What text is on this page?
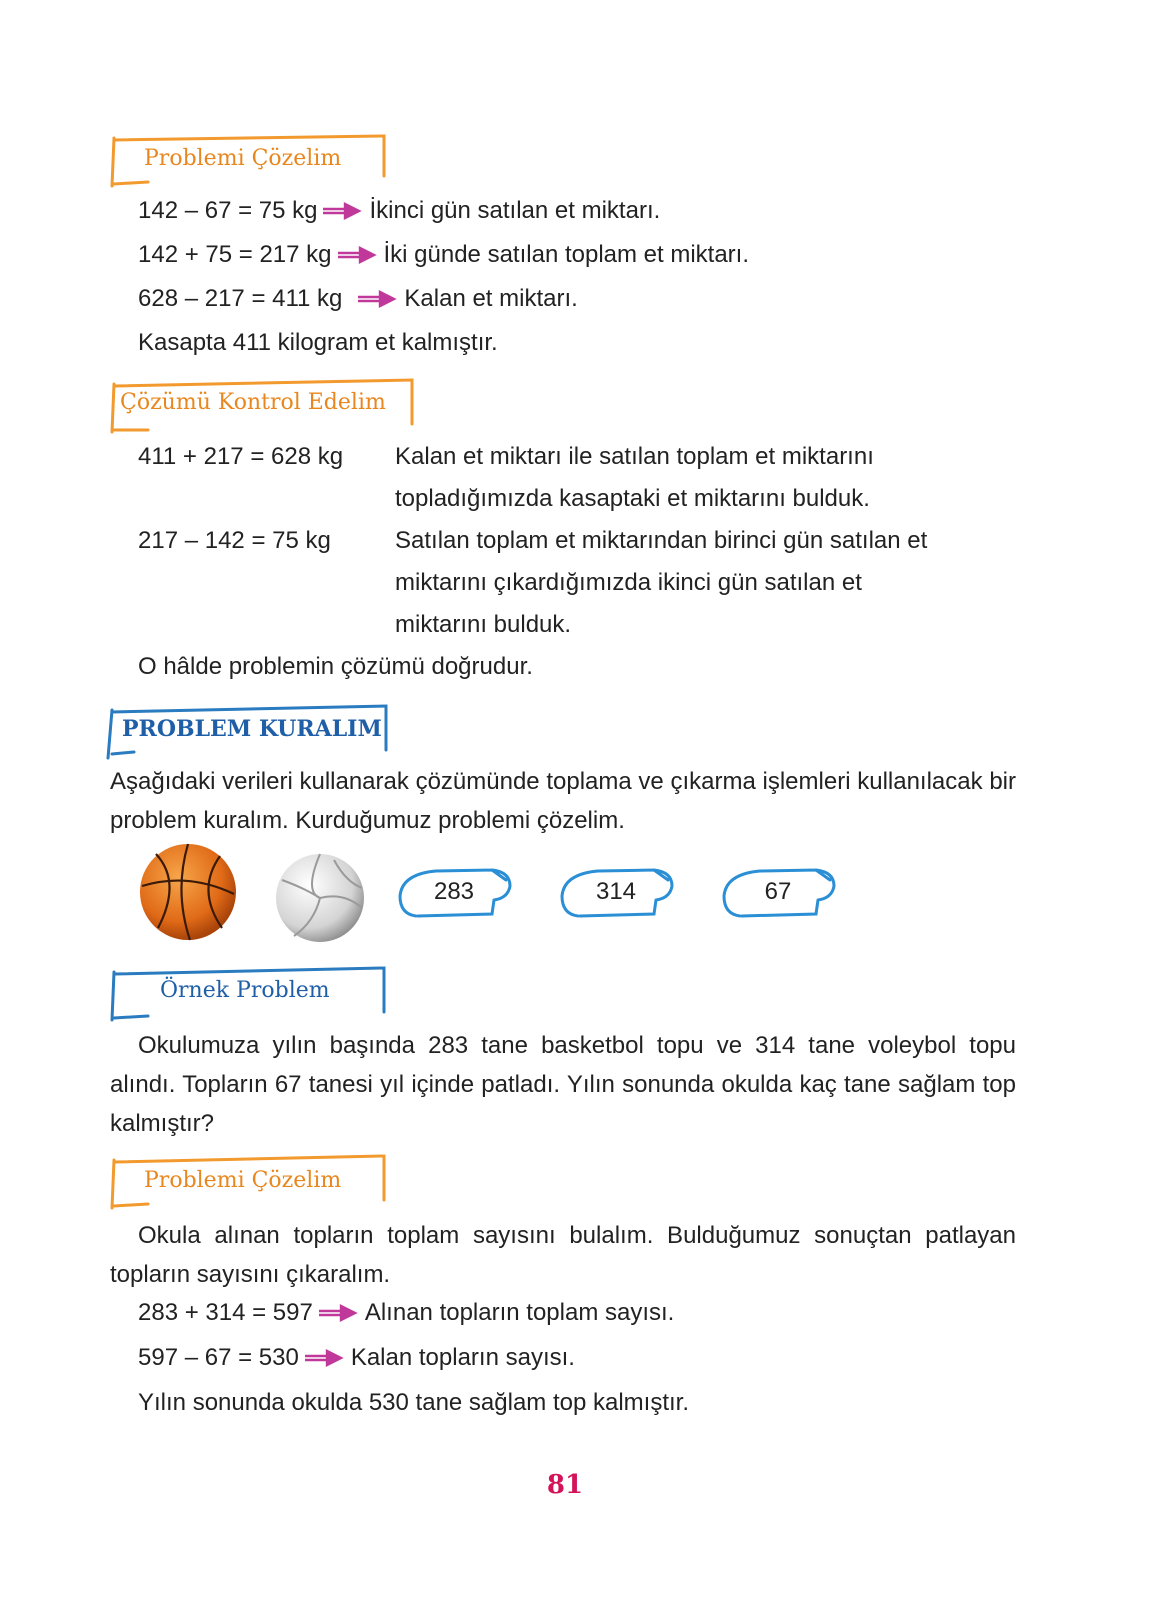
Problemi Çözelim
142 – 67 = 75 kg İkinci gün satılan et miktarı.
142 + 75 = 217 kg İki günde satılan toplam et miktarı.
628 – 217 = 411 kg	Kalan et miktarı.
Kasapta 411 kilogram et kalmıştır.
Çözümü Kontrol Edelim
411 + 217 = 628 kg Kalan et miktarı ile satılan toplam et miktarını
topladığımızda kasaptaki et miktarını bulduk.
217 – 142 = 75 kg	Satılan toplam et miktarından birinci gün satılan et
miktarını çıkardığımızda ikinci gün satılan et
miktarını bulduk.
O hâlde problemin çözümü doğrudur.
PROBLEM KURALIM
Aşağıdaki verileri kullanarak çözümünde toplama ve çıkarma işlemleri kullanılacak bir problem kuralım. Kurduğumuz problemi çözelim.
283	314	67
Örnek Problem
Okulumuza yılın başında 283 tane basketbol topu ve 314 tane voleybol topu alındı. Topların 67 tanesi yıl içinde patladı. Yılın sonunda okulda kaç tane sağlam top kalmıştır?
Problemi Çözelim
Okula alınan topların toplam sayısını bulalım. Bulduğumuz sonuçtan patlayan topların sayısını çıkaralım.
283 + 314 = 597 Alınan topların toplam sayısı.
597 – 67 = 530 Kalan topların sayısı.
Yılın sonunda okulda 530 tane sağlam top kalmıştır.
81
